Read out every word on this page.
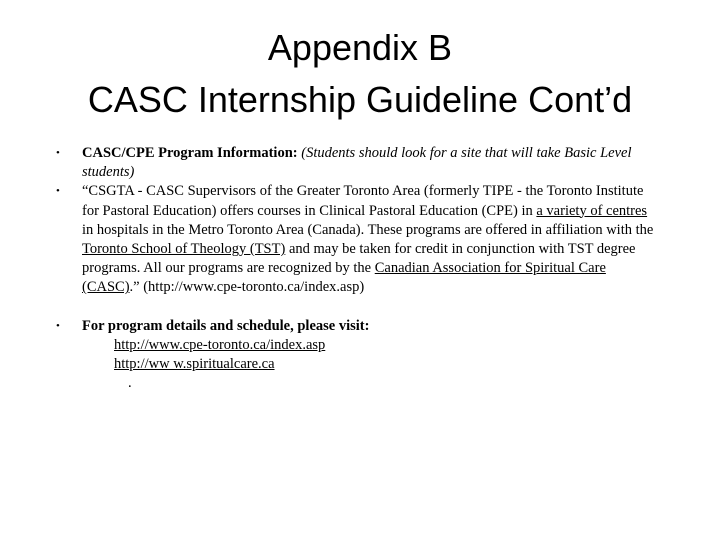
Appendix B
CASC Internship Guideline Cont’d
•	CASC/CPE Program Information: (Students should look for a site that will take Basic Level students)
•	“CSGTA - CASC Supervisors of the Greater Toronto Area (formerly TIPE - the Toronto Institute for Pastoral Education) offers courses in Clinical Pastoral Education (CPE) in a variety of centres in hospitals in the Metro Toronto Area (Canada). These programs are offered in affiliation with the Toronto School of Theology (TST) and may be taken for credit in conjunction with TST degree programs. All our programs are recognized by the Canadian Association for Spiritual Care (CASC).” (http://www.cpe-toronto.ca/index.asp)
•	For program details and schedule, please visit:
http://www.cpe-toronto.ca/index.asp
http://ww w.spiritualcare.ca
.
